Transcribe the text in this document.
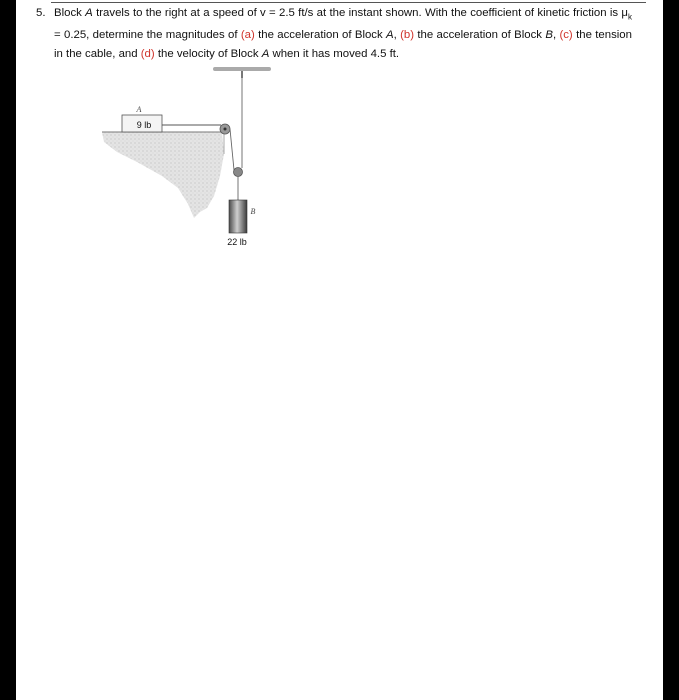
5. Block A travels to the right at a speed of v = 2.5 ft/s at the instant shown. With the coefficient of kinetic friction is $\mu_k = 0.25$, determine the magnitudes of (a) the acceleration of Block A, (b) the acceleration of Block B, (c) the tension in the cable, and (d) the velocity of Block A when it has moved 4.5 ft.
9 lb
A
B
22 lb
